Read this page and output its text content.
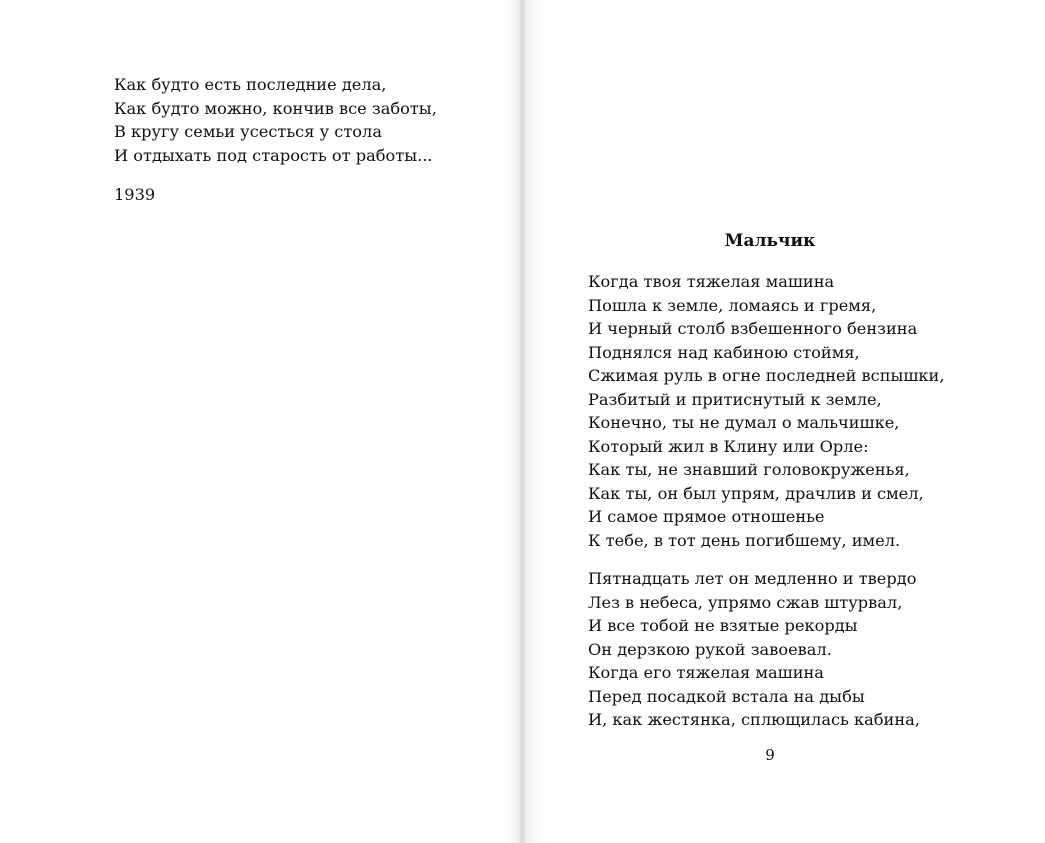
Как будто есть последние дела,
Как будто можно, кончив все заботы,
В кругу семьи усесться у стола
И отдыхать под старость от работы...
1939
Мальчик
Когда твоя тяжелая машина
Пошла к земле, ломаясь и гремя,
И черный столб взбешенного бензина
Поднялся над кабиною стоймя,
Сжимая руль в огне последней вспышки,
Разбитый и притиснутый к земле,
Конечно, ты не думал о мальчишке,
Который жил в Клину или Орле:
Как ты, не знавший головокруженья,
Как ты, он был упрям, драчлив и смел,
И самое прямое отношенье
К тебе, в тот день погибшему, имел.
Пятнадцать лет он медленно и твердо
Лез в небеса, упрямо сжав штурвал,
И все тобой не взятые рекорды
Он дерзкою рукой завоевал.
Когда его тяжелая машина
Перед посадкой встала на дыбы
И, как жестянка, сплющилась кабина,
9
